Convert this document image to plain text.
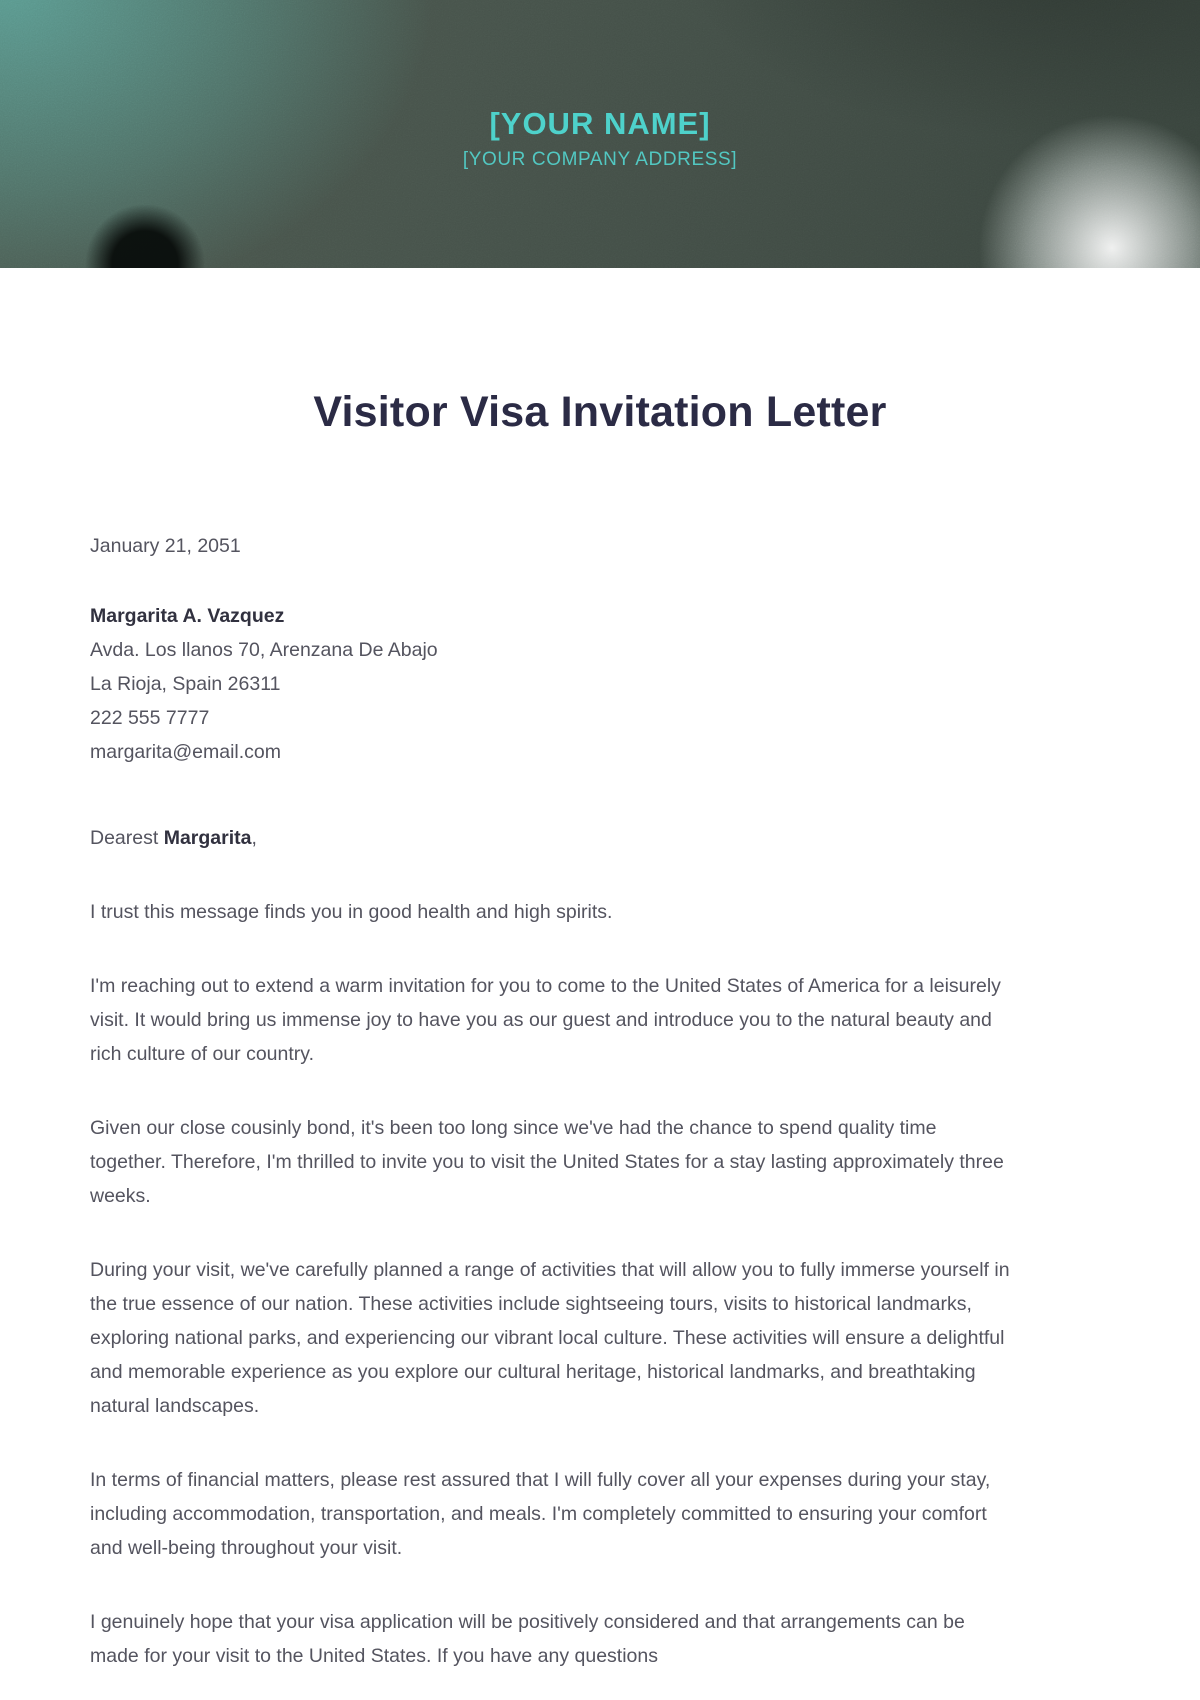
[YOUR NAME]
[YOUR COMPANY ADDRESS]
Visitor Visa Invitation Letter

January 21, 2051

Margarita A. Vazquez

Avda. Los llanos 70, Arenzana De Abajo

La Rioja, Spain 26311

222 555 7777

margarita@email.com

Dearest Margarita,

I trust this message finds you in good health and high spirits.

I'm reaching out to extend a warm invitation for you to come to the United States of America for a leisurely visit. It would bring us immense joy to have you as our guest and introduce you to the natural beauty and rich culture of our country.

Given our close cousinly bond, it's been too long since we've had the chance to spend quality time together. Therefore, I'm thrilled to invite you to visit the United States for a stay lasting approximately three weeks.

During your visit, we've carefully planned a range of activities that will allow you to fully immerse yourself in the true essence of our nation. These activities include sightseeing tours, visits to historical landmarks, exploring national parks, and experiencing our vibrant local culture. These activities will ensure a delightful and memorable experience as you explore our cultural heritage, historical landmarks, and breathtaking natural landscapes.

In terms of financial matters, please rest assured that I will fully cover all your expenses during your stay, including accommodation, transportation, and meals. I'm completely committed to ensuring your comfort and well-being throughout your visit.

I genuinely hope that your visa application will be positively considered and that arrangements can be made for your visit to the United States. If you have any questions
